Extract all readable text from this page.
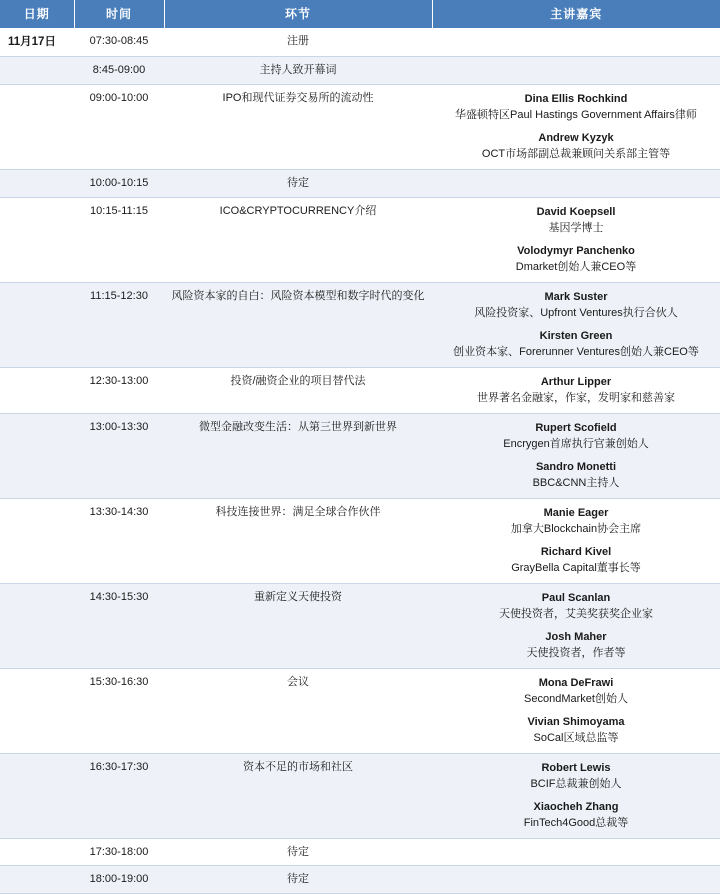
日期	时间	环节	主讲嘉宾
11月17日	07:30-08:45	注册	
	8:45-09:00	主持人致开幕词	
	09:00-10:00	IPO和现代证券交易所的流动性	Dina Ellis Rochkind
华盛顿特区Paul Hastings Government Affairs律师
Andrew Kyzyk
OCT市场部副总裁兼顾问关系部主管等

	10:00-10:15	待定	
	10:15-11:15	ICO&CRYPTOCURRENCY介绍	David Koepsell
基因学博士
Volodymyr Panchenko
Dmarket创始人兼CEO等

	11:15-12:30	风险资本家的自白：风险资本模型和数字时代的变化	Mark Suster
风险投资家、Upfront Ventures执行合伙人
Kirsten Green
创业资本家、Forerunner Ventures创始人兼CEO等

	12:30-13:00	投资/融资企业的项目替代法	Arthur Lipper
世界著名金融家，作家，发明家和慈善家

	13:00-13:30	微型金融改变生活：从第三世界到新世界	Rupert Scofield
Encrygen首席执行官兼创始人
Sandro Monetti
BBC&CNN主持人

	13:30-14:30	科技连接世界：满足全球合作伙伴	Manie Eager
加拿大Blockchain协会主席
Richard Kivel
GrayBella Capital董事长等

	14:30-15:30	重新定义天使投资	Paul Scanlan
天使投资者，艾美奖获奖企业家
Josh Maher
天使投资者，作者等

	15:30-16:30	会议	Mona DeFrawi
SecondMarket创始人
Vivian Shimoyama
SoCal区域总监等

	16:30-17:30	资本不足的市场和社区	Robert Lewis
BCIF总裁兼创始人
Xiaocheh Zhang
FinTech4Good总裁等

	17:30-18:00	待定	
	18:00-19:00	待定	
